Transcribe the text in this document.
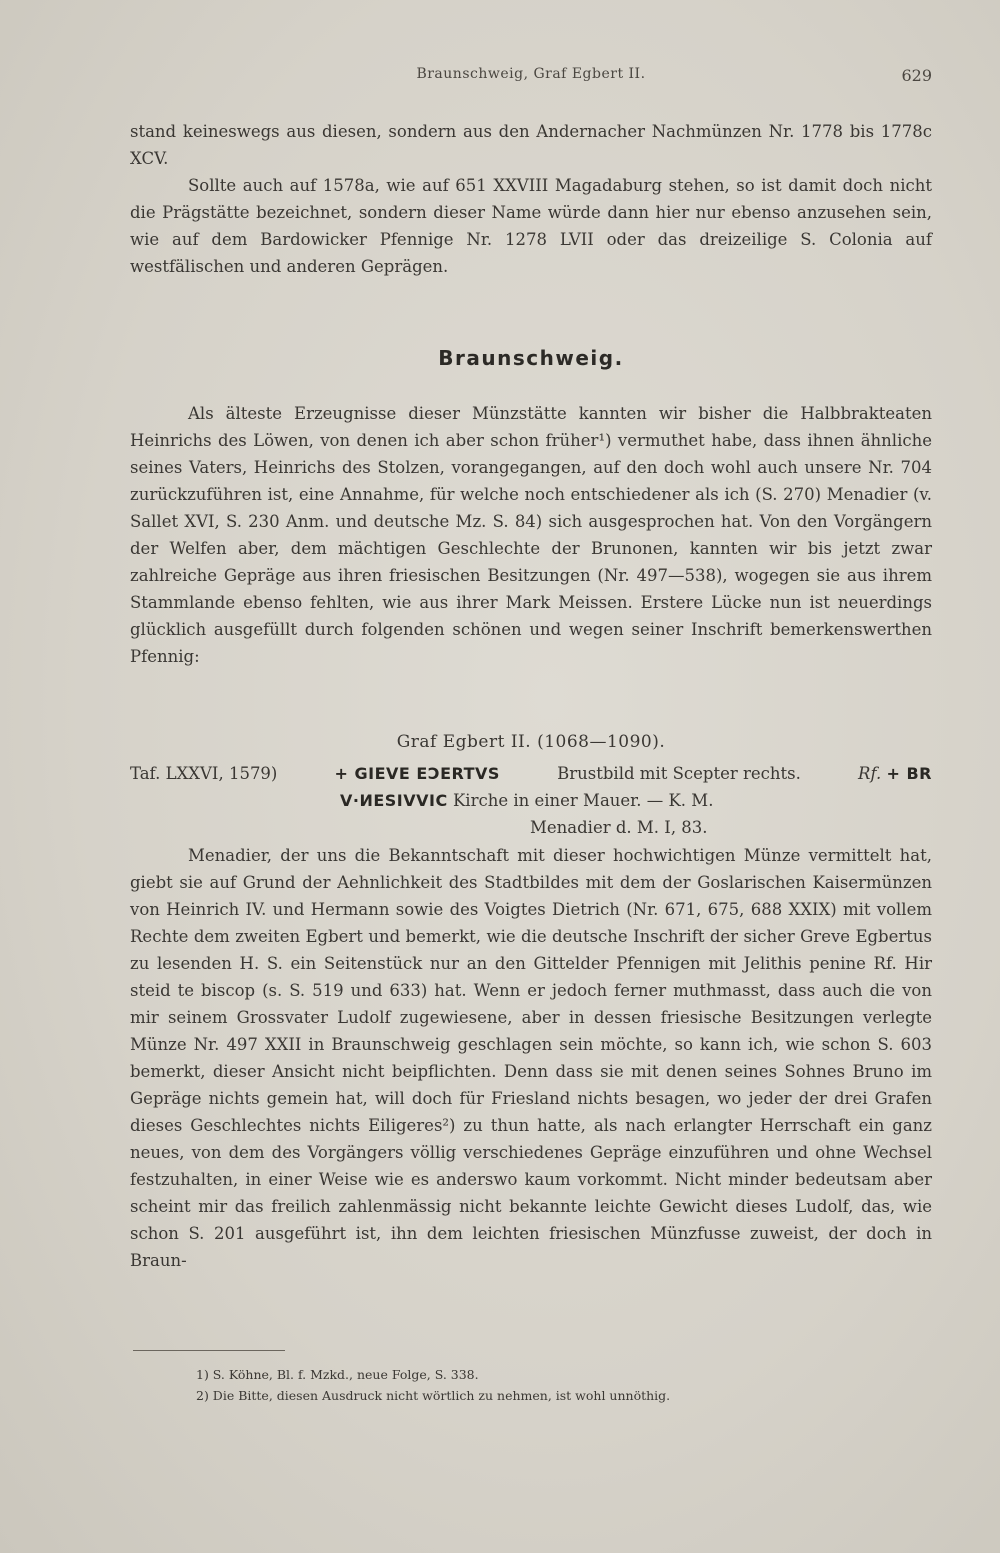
Braunschweig, Graf Egbert II.	629

stand keineswegs aus diesen, sondern aus den Andernacher Nachmünzen Nr. 1778 bis 1778c XCV.

Sollte auch auf 1578a, wie auf 651 XXVIII Magadaburg stehen, so ist damit doch nicht die Prägstätte bezeichnet, sondern dieser Name würde dann hier nur ebenso anzusehen sein, wie auf dem Bardowicker Pfennige Nr. 1278 LVII oder das dreizeilige S. Colonia auf westfälischen und anderen Geprägen.

Braunschweig.

Als älteste Erzeugnisse dieser Münzstätte kannten wir bisher die Halbbrakteaten Heinrichs des Löwen, von denen ich aber schon früher¹) vermuthet habe, dass ihnen ähnliche seines Vaters, Heinrichs des Stolzen, vorangegangen, auf den doch wohl auch unsere Nr. 704 zurückzuführen ist, eine Annahme, für welche noch entschiedener als ich (S. 270) Menadier (v. Sallet XVI, S. 230 Anm. und deutsche Mz. S. 84) sich ausgesprochen hat. Von den Vorgängern der Welfen aber, dem mächtigen Geschlechte der Brunonen, kannten wir bis jetzt zwar zahlreiche Gepräge aus ihren friesischen Besitzungen (Nr. 497—538), wogegen sie aus ihrem Stammlande ebenso fehlten, wie aus ihrer Mark Meissen. Erstere Lücke nun ist neuerdings glücklich ausgefüllt durch folgenden schönen und wegen seiner Inschrift bemerkenswerthen Pfennig:

Graf Egbert II. (1068—1090).
Taf. LXXVI, 1579)	+ GIEVE EƆERTVS	Brustbild mit Scepter rechts.	Rf. + BR
V·ИESIVVIC Kirche in einer Mauer. — K. M.
Menadier d. M. I, 83.

Menadier, der uns die Bekanntschaft mit dieser hochwichtigen Münze vermittelt hat, giebt sie auf Grund der Aehnlichkeit des Stadtbildes mit dem der Goslarischen Kaisermünzen von Heinrich IV. und Hermann sowie des Voigtes Dietrich (Nr. 671, 675, 688 XXIX) mit vollem Rechte dem zweiten Egbert und bemerkt, wie die deutsche Inschrift der sicher Greve Egbertus zu lesenden H. S. ein Seitenstück nur an den Gittelder Pfennigen mit Jelithis penine Rf. Hir steid te biscop (s. S. 519 und 633) hat. Wenn er jedoch ferner muthmasst, dass auch die von mir seinem Grossvater Ludolf zugewiesene, aber in dessen friesische Besitzungen verlegte Münze Nr. 497 XXII in Braunschweig geschlagen sein möchte, so kann ich, wie schon S. 603 bemerkt, dieser Ansicht nicht beipflichten. Denn dass sie mit denen seines Sohnes Bruno im Gepräge nichts gemein hat, will doch für Friesland nichts besagen, wo jeder der drei Grafen dieses Geschlechtes nichts Eiligeres²) zu thun hatte, als nach erlangter Herrschaft ein ganz neues, von dem des Vorgängers völlig verschiedenes Gepräge einzuführen und ohne Wechsel festzuhalten, in einer Weise wie es anderswo kaum vorkommt. Nicht minder bedeutsam aber scheint mir das freilich zahlenmässig nicht bekannte leichte Gewicht dieses Ludolf, das, wie schon S. 201 ausgeführt ist, ihn dem leichten friesischen Münzfusse zuweist, der doch in Braun-

1) S. Köhne, Bl. f. Mzkd., neue Folge, S. 338.
2) Die Bitte, diesen Ausdruck nicht wörtlich zu nehmen, ist wohl unnöthig.
